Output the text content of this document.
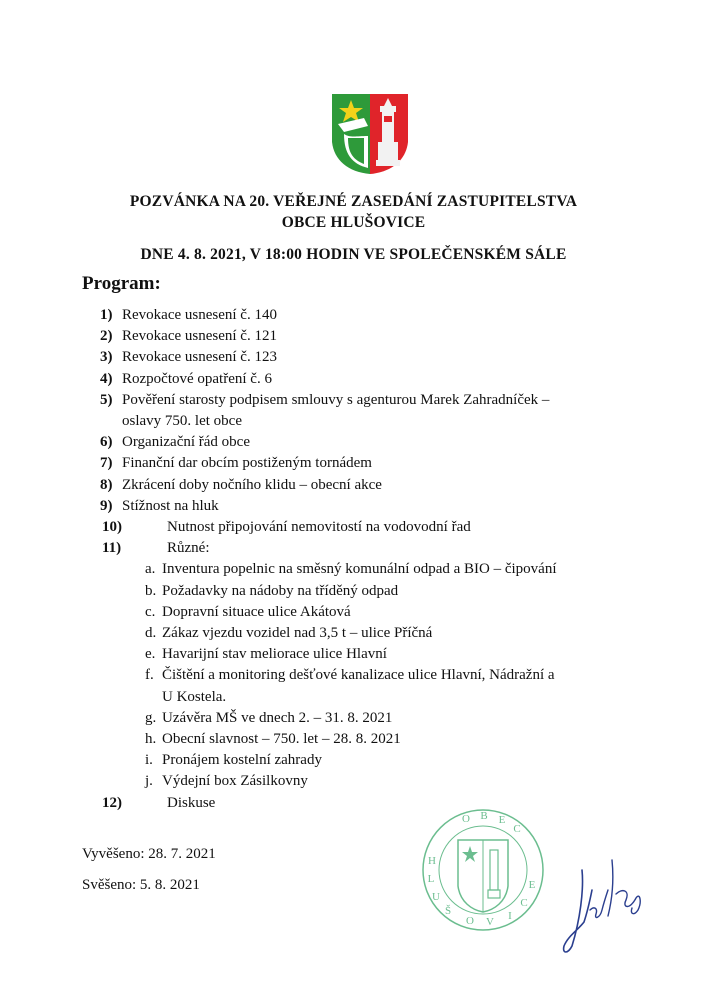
POZVÁNKA NA 20. VEŘEJNÉ ZASEDÁNÍ ZASTUPITELSTVA
OBCE HLUŠOVICE
DNE 4. 8. 2021, V 18:00 HODIN VE SPOLEČENSKÉM SÁLE
Program:
1) Revokace usnesení č. 140
2) Revokace usnesení č. 121
3) Revokace usnesení č. 123
4) Rozpočtové opatření č. 6
5) Pověření starosty podpisem smlouvy s agenturou Marek Zahradníček –
oslavy 750. let obce
6) Organizační řád obce
7) Finanční dar obcím postiženým tornádem
8) Zkrácení doby nočního klidu – obecní akce
9) Stížnost na hluk
10)	Nutnost připojování nemovitostí na vodovodní řad
11)	Různé:
a. Inventura popelnic na směsný komunální odpad a BIO – čipování
b. Požadavky na nádoby na tříděný odpad
c. Dopravní situace ulice Akátová
d. Zákaz vjezdu vozidel nad 3,5 t – ulice Příčná
e. Havarijní stav meliorace ulice Hlavní
f. Čištění a monitoring dešťové kanalizace ulice Hlavní, Nádražní a
U Kostela.
g. Uzávěra MŠ ve dnech 2. – 31. 8. 2021
h. Obecní slavnost – 750. let – 28. 8. 2021
i. Pronájem kostelní zahrady
j. Výdejní box Zásilkovny
12)	Diskuse
Vyvěšeno: 28. 7. 2021
Svěšeno: 5. 8. 2021
O B E
C
H
L
U
Š
O V I
C
E
